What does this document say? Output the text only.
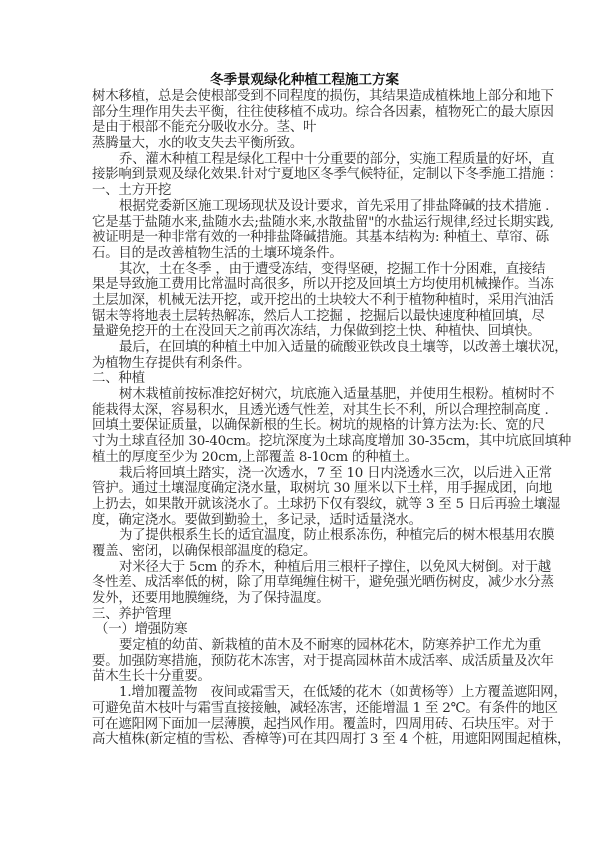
冬季景观绿化种植工程施工方案
树木移植，总是会使根部受到不同程度的损伤，其结果造成植株地上部分和地下
部分生理作用失去平衡，往往使移植不成功。综合各因素，植物死亡的最大原因
是由于根部不能充分吸收水分。茎、叶
蒸腾量大，水的收支失去平衡所致。
乔、灌木种植工程是绿化工程中十分重要的部分，实施工程质量的好坏，直
接影响到景观及绿化效果.针对宁夏地区冬季气候特征，定制以下冬季施工措施 ：
一、土方开挖
根据党委新区施工现场现状及设计要求，首先采用了排盐降碱的技术措施 .
它是基于盐随水来,盐随水去;盐随水来,水散盐留"的水盐运行规律,经过长期实践,
被证明是一种非常有效的一种排盐降碱措施。其基本结构为: 种植土、草帘、砾
石。目的是改善植物生活的土壤环境条件。
其次，土在冬季 ，由于遭受冻结，变得坚硬，挖掘工作十分困难，直接结
果是导致施工费用比常温时高很多，所以开挖及回填土方均使用机械操作。当冻
土层加深，机械无法开挖，或开挖出的土块较大不利于植物种植时，采用汽油活
锯末等将地表土层转热解冻，然后人工挖掘 ，挖掘后以最快速度种植回填，尽
量避免挖开的土在没回天之前再次冻结，力保做到挖土快、种植快、回填快。
最后，在回填的种植土中加入适量的硫酸亚铁改良土壤等，以改善土壤状况，
为植物生存提供有利条件。
二、种植
树木栽植前按标准挖好树穴，坑底施入适量基肥，并使用生根粉。植树时不
能栽得太深，容易积水，且透光透气性差，对其生长不利，所以合理控制高度 .
回填土要保证质量，以确保新根的生长。树坑的规格的计算方法为:长、宽的尺
寸为土球直径加 30-40cm。挖坑深度为土球高度增加 30-35cm，其中坑底回填种
植土的厚度至少为 20cm,上部覆盖 8-10cm 的种植土。
栽后将回填土踏实，浇一次透水，7 至 10 日内浇透水三次，以后进入正常
管护。通过土壤湿度确定浇水量，取树坑 30 厘米以下土样，用手握成团，向地
上扔去，如果散开就该浇水了。土球扔下仅有裂纹，就等 3 至 5 日后再验土壤湿
度，确定浇水。要做到勤验土，多记录，适时适量浇水。
为了提供根系生长的适宜温度，防止根系冻伤，种植完后的树木根基用农膜
覆盖、密闭，以确保根部温度的稳定。
对米径大于 5cm 的乔木，种植后用三根杆子撑住，以免风大树倒。对于越
冬性差、成活率低的树，除了用草绳缠住树干，避免强光晒伤树皮，减少水分蒸
发外，还要用地膜缠绕，为了保持温度。
三、养护管理
（一）增强防寒
要定植的幼苗、新栽植的苗木及不耐寒的园林花木，防寒养护工作尤为重
要。加强防寒措施，预防花木冻害，对于提高园林苗木成活率、成活质量及次年
苗木生长十分重要。
1.增加覆盖物　夜间或霜雪天，在低矮的花木（如黄杨等）上方覆盖遮阳网，
可避免苗木枝叶与霜雪直接接触，减轻冻害，还能增温 1 至 2℃。有条件的地区
可在遮阳网下面加一层薄膜，起挡风作用。覆盖时，四周用砖、石块压牢。对于
高大植株(新定植的雪松、香樟等)可在其四周打 3 至 4 个桩，用遮阳网围起植株，
